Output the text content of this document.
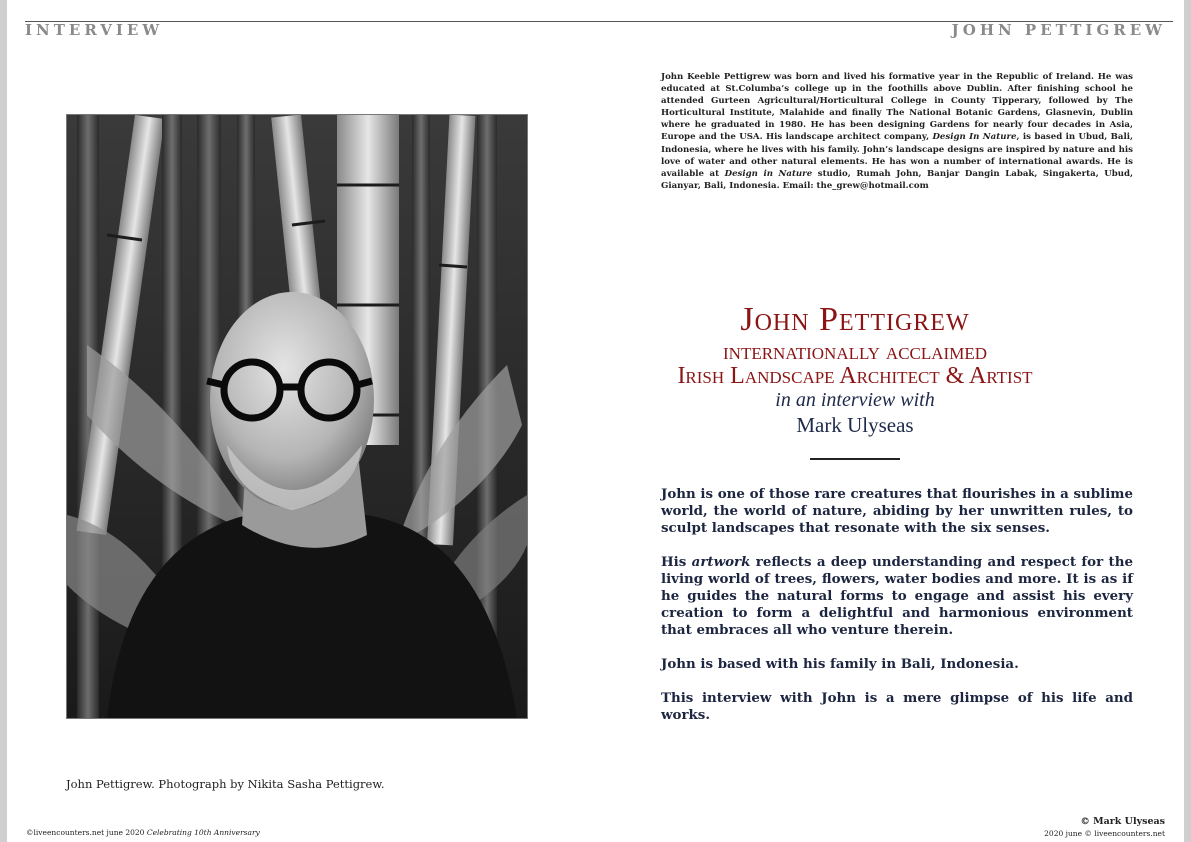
INTERVIEW	JOHN PETTIGREW
John Pettigrew. Photograph by Nikita Sasha Pettigrew.
John Keeble Pettigrew was born and lived his formative year in the Republic of Ireland. He was educated at St.Columba’s college up in the foothills above Dublin. After finishing school he attended Gurteen Agricultural/Horticultural College in County Tipperary, followed by The Horticultural Institute, Malahide and finally The National Botanic Gardens, Glasnevin, Dublin where he graduated in 1980. He has been designing Gardens for nearly four decades in Asia, Europe and the USA. His landscape architect company, Design In Nature, is based in Ubud, Bali, Indonesia, where he lives with his family. John’s landscape designs are inspired by nature and his love of water and other natural elements. He has won a number of international awards. He is available at Design in Nature studio, Rumah John, Banjar Dangin Labak, Singakerta, Ubud, Gianyar, Bali, Indonesia. Email: the_grew@hotmail.com
John Pettigrew
internationally acclaimed
Irish Landscape Architect & Artist
in an interview with
Mark Ulyseas

John is one of those rare creatures that flourishes in a sublime world, the world of nature, abiding by her unwritten rules, to sculpt landscapes that resonate with the six senses.

His artwork reflects a deep understanding and respect for the living world of trees, flowers, water bodies and more. It is as if he guides the natural forms to engage and assist his every creation to form a delightful and harmonious environment that embraces all who venture therein.

John is based with his family in Bali, Indonesia.

This interview with John is a mere glimpse of his life and works.

©liveencounters.net june 2020 Celebrating 10th Anniversary
© Mark Ulyseas
2020 june © liveencounters.net
